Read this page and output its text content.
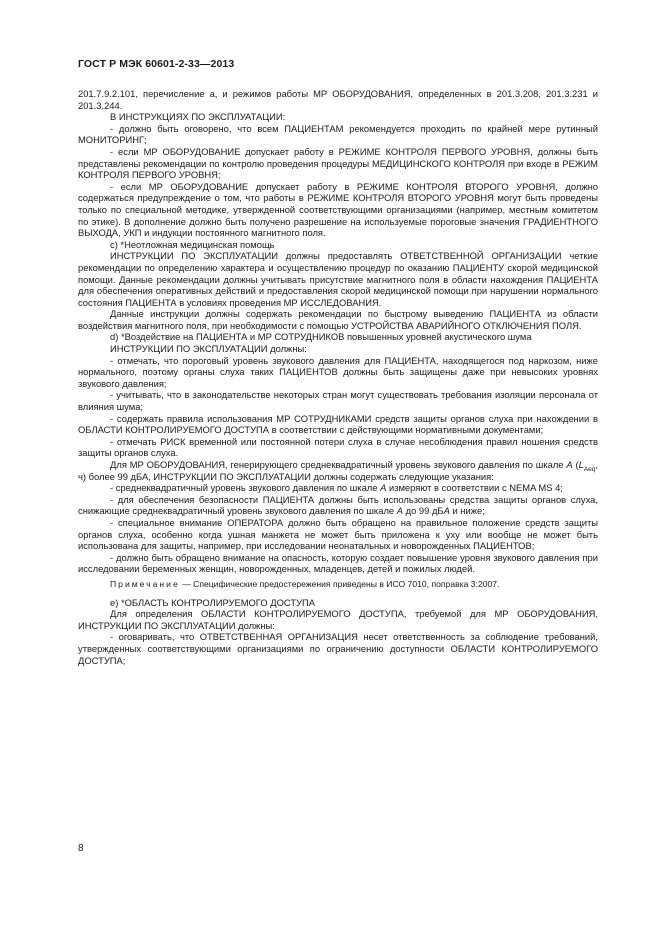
ГОСТ Р МЭК 60601-2-33—2013

201.7.9.2.101, перечисление а, и режимов работы МР ОБОРУДОВАНИЯ, определенных в 201.3.208, 201.3.231 и 201.3.244.

В ИНСТРУКЦИЯХ ПО ЭКСПЛУАТАЦИИ:

- должно быть оговорено, что всем ПАЦИЕНТАМ рекомендуется проходить по крайней мере рутинный МОНИТОРИНГ;

- если МР ОБОРУДОВАНИЕ допускает работу в РЕЖИМЕ КОНТРОЛЯ ПЕРВОГО УРОВНЯ, должны быть представлены рекомендации по контролю проведения процедуры МЕДИЦИНСКОГО КОНТРОЛЯ при входе в РЕЖИМ КОНТРОЛЯ ПЕРВОГО УРОВНЯ;

- если МР ОБОРУДОВАНИЕ допускает работу в РЕЖИМЕ КОНТРОЛЯ ВТОРОГО УРОВНЯ, должно содержаться предупреждение о том, что работы в РЕЖИМЕ КОНТРОЛЯ ВТОРОГО УРОВНЯ могут быть проведены только по специальной методике, утвержденной соответствующими организациями (например, местным комитетом по этике). В дополнение должно быть получено разрешение на используемые пороговые значения ГРАДИЕНТНОГО ВЫХОДА, УКП и индукции постоянного магнитного поля.

c) *Неотложная медицинская помощь

ИНСТРУКЦИИ ПО ЭКСПЛУАТАЦИИ должны предоставлять ОТВЕТСТВЕННОЙ ОРГАНИЗАЦИИ четкие рекомендации по определению характера и осуществлению процедур по оказанию ПАЦИЕНТУ скорой медицинской помощи. Данные рекомендации должны учитывать присутствие магнитного поля в области нахождения ПАЦИЕНТА для обеспечения оперативных действий и предоставления скорой медицинской помощи при нарушении нормального состояния ПАЦИЕНТА в условиях проведения МР ИССЛЕДОВАНИЯ.

Данные инструкции должны содержать рекомендации по быстрому выведению ПАЦИЕНТА из области воздействия магнитного поля, при необходимости с помощью УСТРОЙСТВА АВАРИЙНОГО ОТКЛЮЧЕНИЯ ПОЛЯ.

d) *Воздействие на ПАЦИЕНТА и МР СОТРУДНИКОВ повышенных уровней акустического шума

ИНСТРУКЦИИ ПО ЭКСПЛУАТАЦИИ должны:

- отмечать, что пороговый уровень звукового давления для ПАЦИЕНТА, находящегося под наркозом, ниже нормального, поэтому органы слуха таких ПАЦИЕНТОВ должны быть защищены даже при невысоких уровнях звукового давления;

- учитывать, что в законодательстве некоторых стран могут существовать требования изоляции персонала от влияния шума;

- содержать правила использования МР СОТРУДНИКАМИ средств защиты органов слуха при нахождении в ОБЛАСТИ КОНТРОЛИРУЕМОГО ДОСТУПА в соответствии с действующими нормативными документами;

- отмечать РИСК временной или постоянной потери слуха в случае несоблюдения правил ношения средств защиты органов слуха.

Для МР ОБОРУДОВАНИЯ, генерирующего среднеквадратичный уровень звукового давления по шкале A ($L_{Aeq}$, ч) более 99 дБА, ИНСТРУКЦИИ ПО ЭКСПЛУАТАЦИИ должны содержать следующие указания:

- среднеквадратичный уровень звукового давления по шкале A измеряют в соответствии с NEMA MS 4;

- для обеспечения безопасности ПАЦИЕНТА должны быть использованы средства защиты органов слуха, снижающие среднеквадратичный уровень звукового давления по шкале A до 99 дБA и ниже;

- специальное внимание ОПЕРАТОРА должно быть обращено на правильное положение средств защиты органов слуха, особенно когда ушная манжета не может быть приложена к уху или вообще не может быть использована для защиты, например, при исследовании неонатальных и новорожденных ПАЦИЕНТОВ;

- должно быть обращено внимание на опасность, которую создает повышение уровня звукового давления при исследовании беременных женщин, новорожденных, младенцев, детей и пожилых людей.

Примечание — Специфические предостережения приведены в ИСО 7010, поправка 3:2007.

e) *ОБЛАСТЬ КОНТРОЛИРУЕМОГО ДОСТУПА

Для определения ОБЛАСТИ КОНТРОЛИРУЕМОГО ДОСТУПА, требуемой для МР ОБОРУДОВАНИЯ, ИНСТРУКЦИИ ПО ЭКСПЛУАТАЦИИ должны:

- оговаривать, что ОТВЕТСТВЕННАЯ ОРГАНИЗАЦИЯ несет ответственность за соблюдение требований, утвержденных соответствующими организациями по ограничению доступности ОБЛАСТИ КОНТРОЛИРУЕМОГО ДОСТУПА;

8
